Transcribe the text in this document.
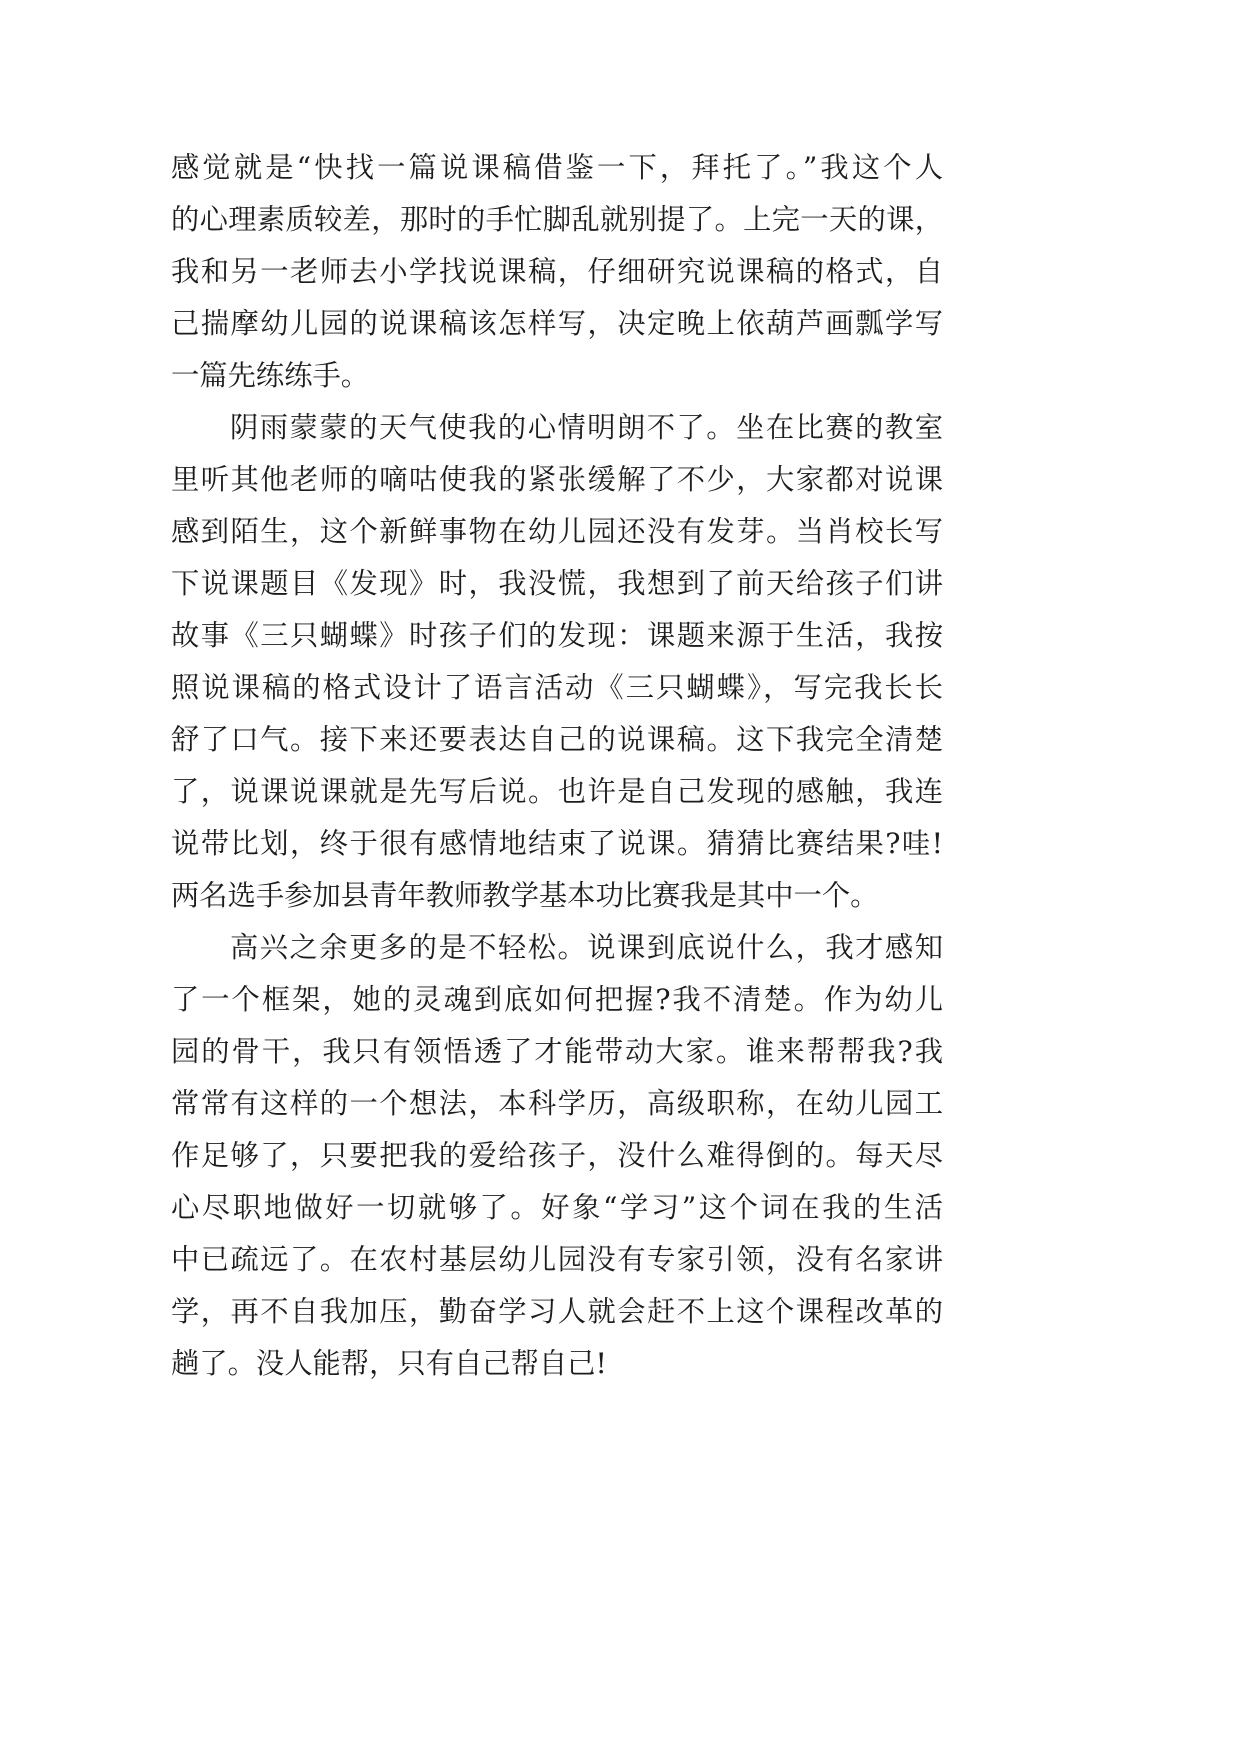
感觉就是“快找一篇说课稿借鉴一下，拜托了。”我这个人
的心理素质较差，那时的手忙脚乱就别提了。上完一天的课，
我和另一老师去小学找说课稿，仔细研究说课稿的格式，自
己揣摩幼儿园的说课稿该怎样写，决定晚上依葫芦画瓢学写
一篇先练练手。
阴雨蒙蒙的天气使我的心情明朗不了。坐在比赛的教室
里听其他老师的嘀咕使我的紧张缓解了不少，大家都对说课
感到陌生，这个新鲜事物在幼儿园还没有发芽。当肖校长写
下说课题目《发现》时，我没慌，我想到了前天给孩子们讲
故事《三只蝴蝶》时孩子们的发现：课题来源于生活，我按
照说课稿的格式设计了语言活动《三只蝴蝶》，写完我长长
舒了口气。接下来还要表达自己的说课稿。这下我完全清楚
了，说课说课就是先写后说。也许是自己发现的感触，我连
说带比划，终于很有感情地结束了说课。猜猜比赛结果?哇!
两名选手参加县青年教师教学基本功比赛我是其中一个。
高兴之余更多的是不轻松。说课到底说什么，我才感知
了一个框架，她的灵魂到底如何把握?我不清楚。作为幼儿
园的骨干，我只有领悟透了才能带动大家。谁来帮帮我?我
常常有这样的一个想法，本科学历，高级职称，在幼儿园工
作足够了，只要把我的爱给孩子，没什么难得倒的。每天尽
心尽职地做好一切就够了。好象“学习”这个词在我的生活
中已疏远了。在农村基层幼儿园没有专家引领，没有名家讲
学，再不自我加压，勤奋学习人就会赶不上这个课程改革的
趟了。没人能帮，只有自己帮自己!
